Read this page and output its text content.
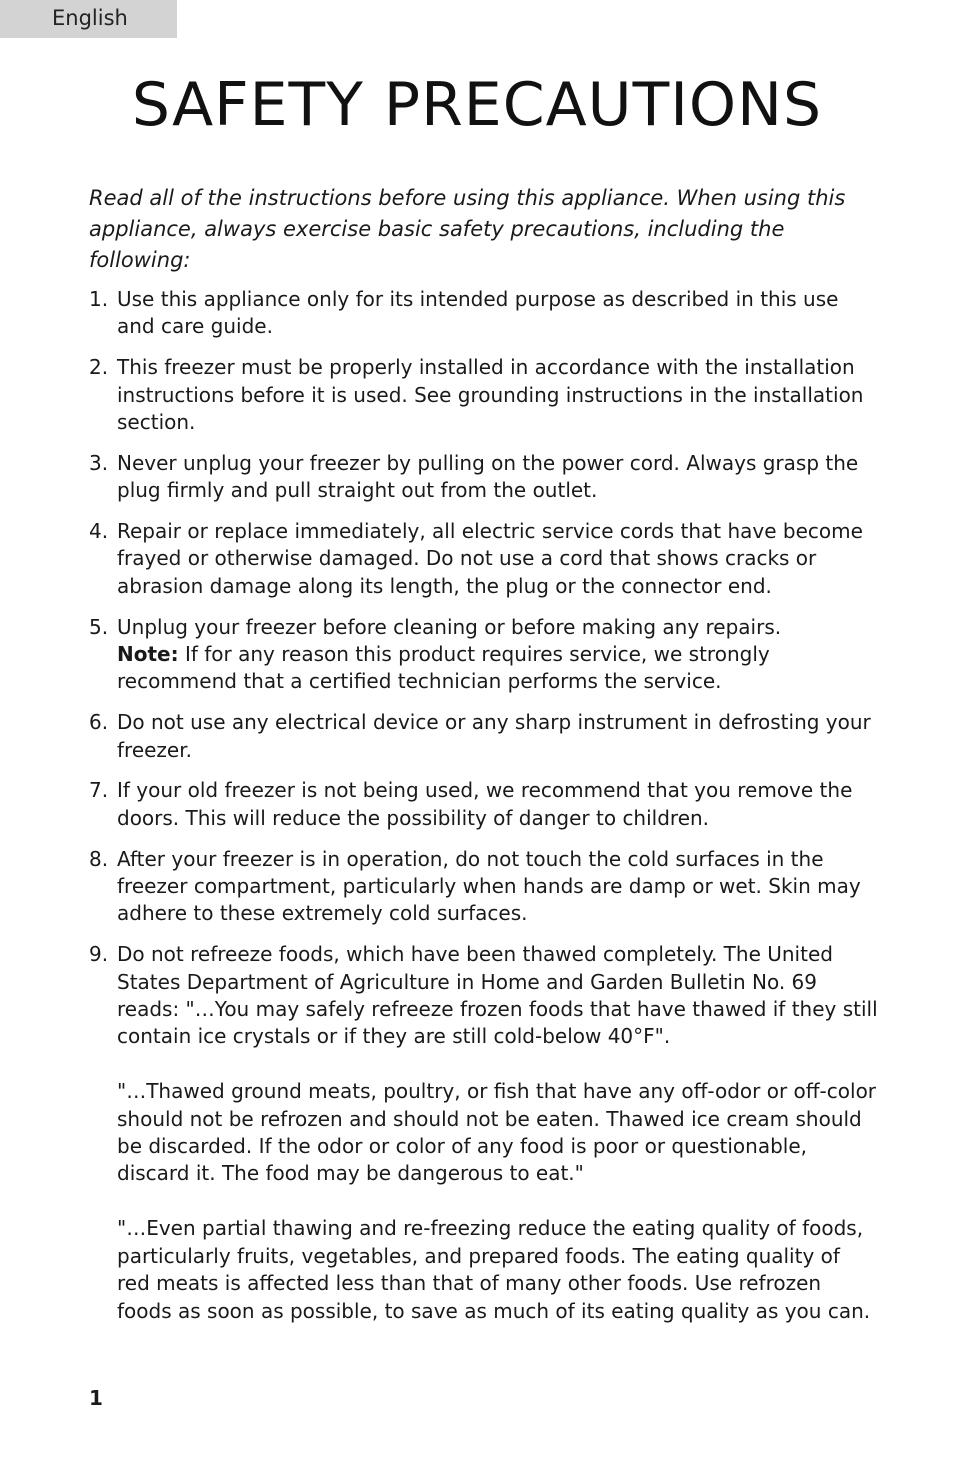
English
SAFETY PRECAUTIONS

Read all of the instructions before using this appliance. When using this appliance, always exercise basic safety precautions, including the following:

1. Use this appliance only for its intended purpose as described in this use and care guide.
2. This freezer must be properly installed in accordance with the installation instructions before it is used. See grounding instructions in the installation section.
3. Never unplug your freezer by pulling on the power cord. Always grasp the plug firmly and pull straight out from the outlet.
4. Repair or replace immediately, all electric service cords that have become frayed or otherwise damaged. Do not use a cord that shows cracks or abrasion damage along its length, the plug or the connector end.
5. Unplug your freezer before cleaning or before making any repairs.
Note: If for any reason this product requires service, we strongly recommend that a certified technician performs the service.
6. Do not use any electrical device or any sharp instrument in defrosting your freezer.
7. If your old freezer is not being used, we recommend that you remove the doors. This will reduce the possibility of danger to children.
8. After your freezer is in operation, do not touch the cold surfaces in the freezer compartment, particularly when hands are damp or wet. Skin may adhere to these extremely cold surfaces.
9. Do not refreeze foods, which have been thawed completely. The United States Department of Agriculture in Home and Garden Bulletin No. 69 reads: "…You may safely refreeze frozen foods that have thawed if they still contain ice crystals or if they are still cold-below 40°F".
"…Thawed ground meats, poultry, or fish that have any off-odor or off-color should not be refrozen and should not be eaten. Thawed ice cream should be discarded. If the odor or color of any food is poor or questionable, discard it. The food may be dangerous to eat."
"…Even partial thawing and re-freezing reduce the eating quality of foods, particularly fruits, vegetables, and prepared foods. The eating quality of red meats is affected less than that of many other foods. Use refrozen foods as soon as possible, to save as much of its eating quality as you can.
1
